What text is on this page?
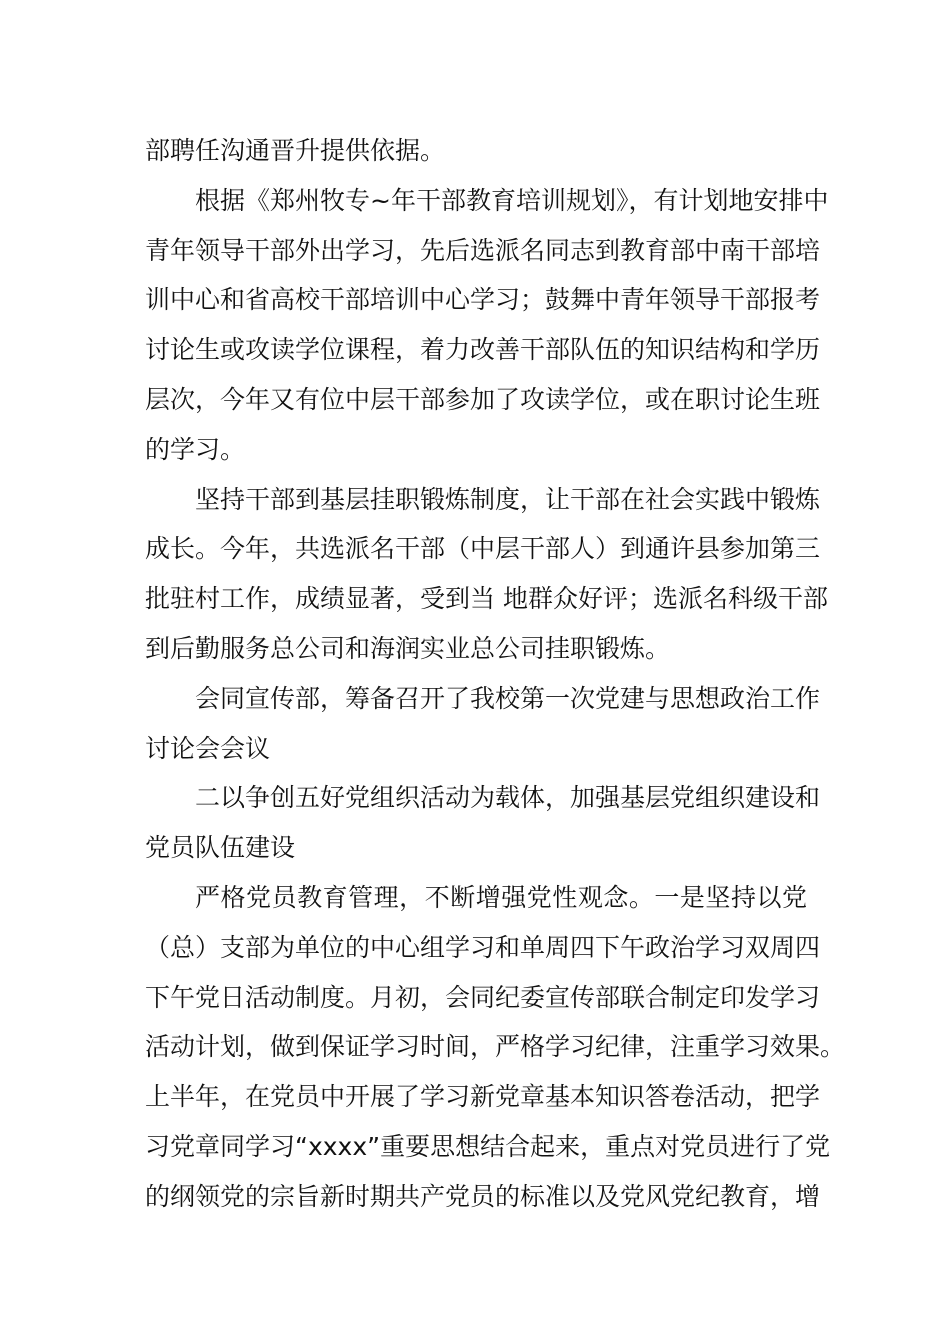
部聘任沟通晋升提供依据。
根据《郑州牧专~年干部教育培训规划》，有计划地安排中
青年领导干部外出学习，先后选派名同志到教育部中南干部培
训中心和省高校干部培训中心学习；鼓舞中青年领导干部报考
讨论生或攻读学位课程，着力改善干部队伍的知识结构和学历
层次，今年又有位中层干部参加了攻读学位，或在职讨论生班
的学习。
坚持干部到基层挂职锻炼制度，让干部在社会实践中锻炼
成长。今年，共选派名干部（中层干部人）到通许县参加第三
批驻村工作，成绩显著，受到当 地群众好评；选派名科级干部
到后勤服务总公司和海润实业总公司挂职锻炼。
会同宣传部，筹备召开了我校第一次党建与思想政治工作
讨论会会议
二以争创五好党组织活动为载体，加强基层党组织建设和
党员队伍建设
严格党员教育管理，不断增强党性观念。一是坚持以党
（总）支部为单位的中心组学习和单周四下午政治学习双周四
下午党日活动制度。月初，会同纪委宣传部联合制定印发学习
活动计划，做到保证学习时间，严格学习纪律，注重学习效果。
上半年，在党员中开展了学习新党章基本知识答卷活动，把学
习党章同学习“xxxx”重要思想结合起来，重点对党员进行了党
的纲领党的宗旨新时期共产党员的标准以及党风党纪教育，增
